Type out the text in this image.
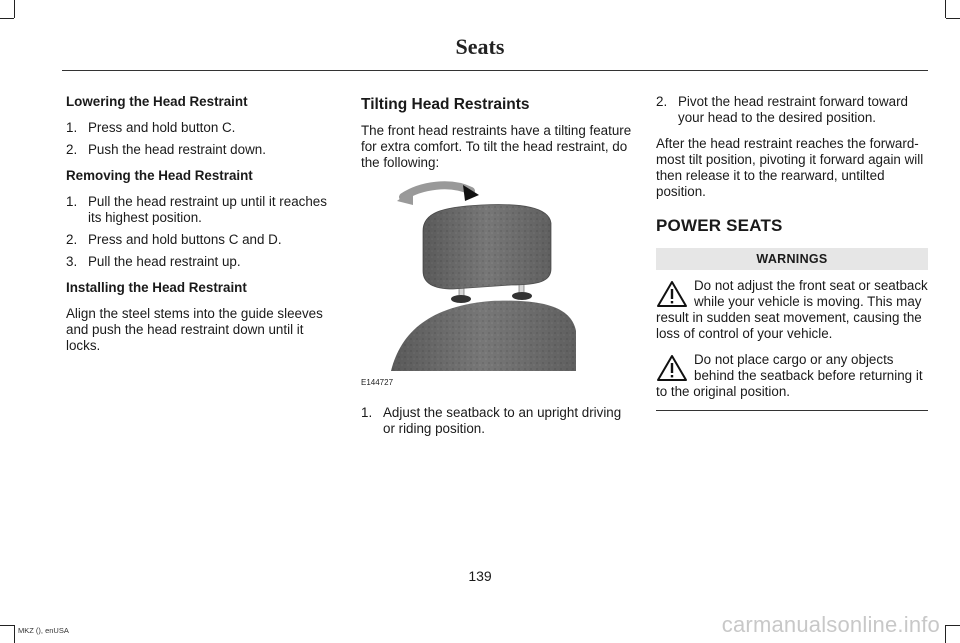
Seats
Lowering the Head Restraint
1. Press and hold button C.
2. Push the head restraint down.
Removing the Head Restraint
1. Pull the head restraint up until it reaches its highest position.
2. Press and hold buttons C and D.
3. Pull the head restraint up.
Installing the Head Restraint

Align the steel stems into the guide sleeves and push the head restraint down until it locks.

Tilting Head Restraints

The front head restraints have a tilting feature for extra comfort. To tilt the head restraint, do the following:

E144727
1. Adjust the seatback to an upright driving or riding position.
2. Pivot the head restraint forward toward your head to the desired position.

After the head restraint reaches the forward-most tilt position, pivoting it forward again will then release it to the rearward, untilted position.

POWER SEATS
WARNINGS
Do not adjust the front seat or seatback while your vehicle is moving. This may result in sudden seat movement, causing the loss of control of your vehicle.
Do not place cargo or any objects behind the seatback before returning it to the original position.
139
MKZ (), enUSA	carmanualsonline.info
